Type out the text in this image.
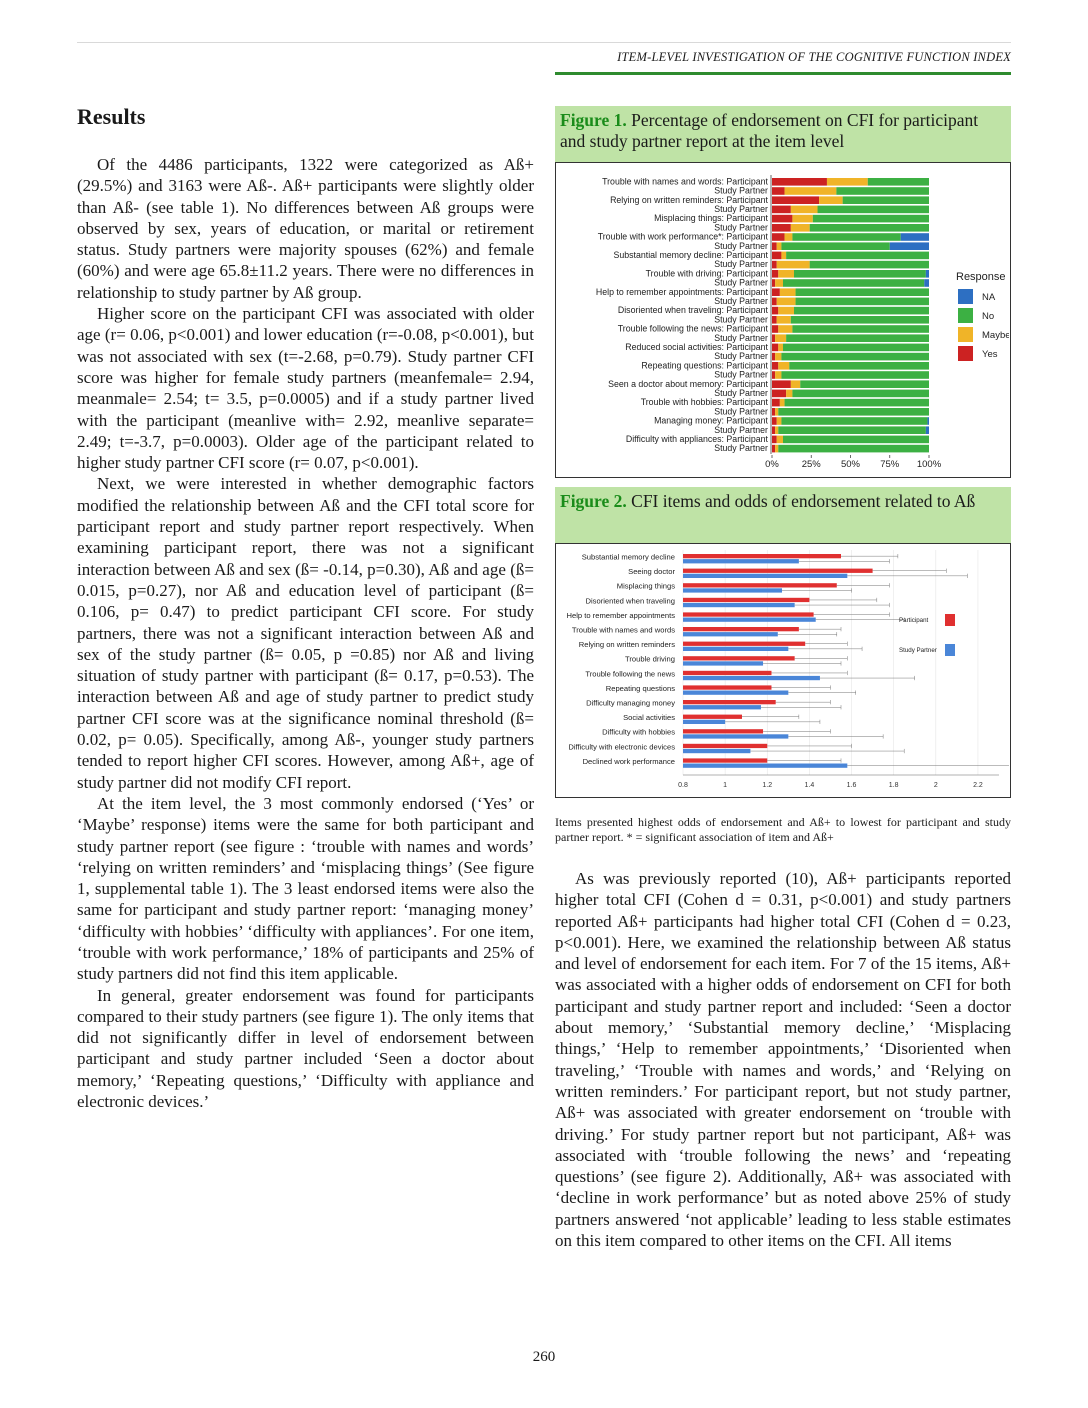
ITEM-LEVEL INVESTIGATION OF THE COGNITIVE FUNCTION INDEX
Results

Of the 4486 participants, 1322 were categorized as Aß+ (29.5%) and 3163 were Aß-. Aß+ participants were slightly older than Aß- (see table 1). No differences between Aß groups were observed by sex, years of education, or marital or retirement status. Study partners were majority spouses (62%) and female (60%) and were age 65.8±11.2 years. There were no differences in relationship to study partner by Aß group.

Higher score on the participant CFI was associated with older age (r= 0.06, p<0.001) and lower education (r=-0.08, p<0.001), but was not associated with sex (t=-2.68, p=0.79). Study partner CFI score was higher for female study partners (meanfemale= 2.94, meanmale= 2.54; t= 3.5, p=0.0005) and if a study partner lived with the participant (meanlive with= 2.92, meanlive separate= 2.49; t=-3.7, p=0.0003). Older age of the participant related to higher study partner CFI score (r= 0.07, p<0.001).

Next, we were interested in whether demographic factors modified the relationship between Aß and the CFI total score for participant report and study partner report respectively. When examining participant report, there was not a significant interaction between Aß and sex (ß= -0.14, p=0.30), Aß and age (ß= 0.015, p=0.27), nor Aß and education level of participant (ß= 0.106, p= 0.47) to predict participant CFI score. For study partners, there was not a significant interaction between Aß and sex of the study partner (ß= 0.05, p =0.85) nor Aß and living situation of study partner with participant (ß= 0.17, p=0.53). The interaction between Aß and age of study partner to predict study partner CFI score was at the significance nominal threshold (ß= 0.02, p= 0.05). Specifically, among Aß-, younger study partners tended to report higher CFI scores. However, among Aß+, age of study partner did not modify CFI report.

At the item level, the 3 most commonly endorsed (‘Yes’ or ‘Maybe’ response) items were the same for both participant and study partner report (see figure : ‘trouble with names and words’ ‘relying on written reminders’ and ‘misplacing things’ (See figure 1, supplemental table 1). The 3 least endorsed items were also the same for participant and study partner report: ‘managing money’ ‘difficulty with hobbies’ ‘difficulty with appliances’. For one item, ‘trouble with work performance,’ 18% of participants and 25% of study partners did not find this item applicable.

In general, greater endorsement was found for participants compared to their study partners (see figure 1). The only items that did not significantly differ in level of endorsement between participant and study partner included ‘Seen a doctor about memory,’ ‘Repeating questions,’ ‘Difficulty with appliance and electronic devices.’

Figure 1. Percentage of endorsement on CFI for participant and study partner report at the item level
Trouble with names and words: Participant
Study Partner
Relying on written reminders: Participant
Study Partner
Misplacing things: Participant
Study Partner
Trouble with work performance*: Participant
Study Partner
Substantial memory decline: Participant
Study Partner
Trouble with driving: Participant
Study Partner
Help to remember appointments: Participant
Study Partner
Disoriented when traveling: Participant
Study Partner
Trouble following the news: Participant
Study Partner
Reduced social activities: Participant
Study Partner
Repeating questions: Participant
Study Partner
Seen a doctor about memory: Participant
Study Partner
Trouble with hobbies: Participant
Study Partner
Managing money: Participant
Study Partner
Difficulty with appliances: Participant
Study Partner
0% 25% 50% 75% 100%
Response
NA
No
Maybe
Yes
Figure 2. CFI items and odds of endorsement related to Aß
0.8	1	1.2	1.4	1.6	1.8	2	2.2
Substantial memory decline
Seeing doctor
Misplacing things
Disoriented when traveling
Help to remember appointments
Trouble with names and words
Relying on written reminders
Trouble driving
Trouble following the news
Repeating questions
Difficulty managing money
Social activities
Difficulty with hobbies
Difficulty with electronic devices
Declined work performance
Participant
Study Partner
Items presented highest odds of endorsement and Aß+ to lowest for participant and study partner report. * = significant association of item and Aß+

As was previously reported (10), Aß+ participants reported higher total CFI (Cohen d = 0.31, p<0.001) and study partners reported Aß+ participants had higher total CFI (Cohen d = 0.23, p<0.001). Here, we examined the relationship between Aß status and level of endorsement for each item. For 7 of the 15 items, Aß+ was associated with a higher odds of endorsement on CFI for both participant and study partner report and included: ‘Seen a doctor about memory,’ ‘Substantial memory decline,’ ‘Misplacing things,’ ‘Help to remember appointments,’ ‘Disoriented when traveling,’ ‘Trouble with names and words,’ and ‘Relying on written reminders.’ For participant report, but not study partner, Aß+ was associated with greater endorsement on ‘trouble with driving.’ For study partner report but not participant, Aß+ was associated with ‘trouble following the news’ and ‘repeating questions’ (see figure 2). Additionally, Aß+ was associated with ‘decline in work performance’ but as noted above 25% of study partners answered ‘not applicable’ leading to less stable estimates on this item compared to other items on the CFI. All items

260
